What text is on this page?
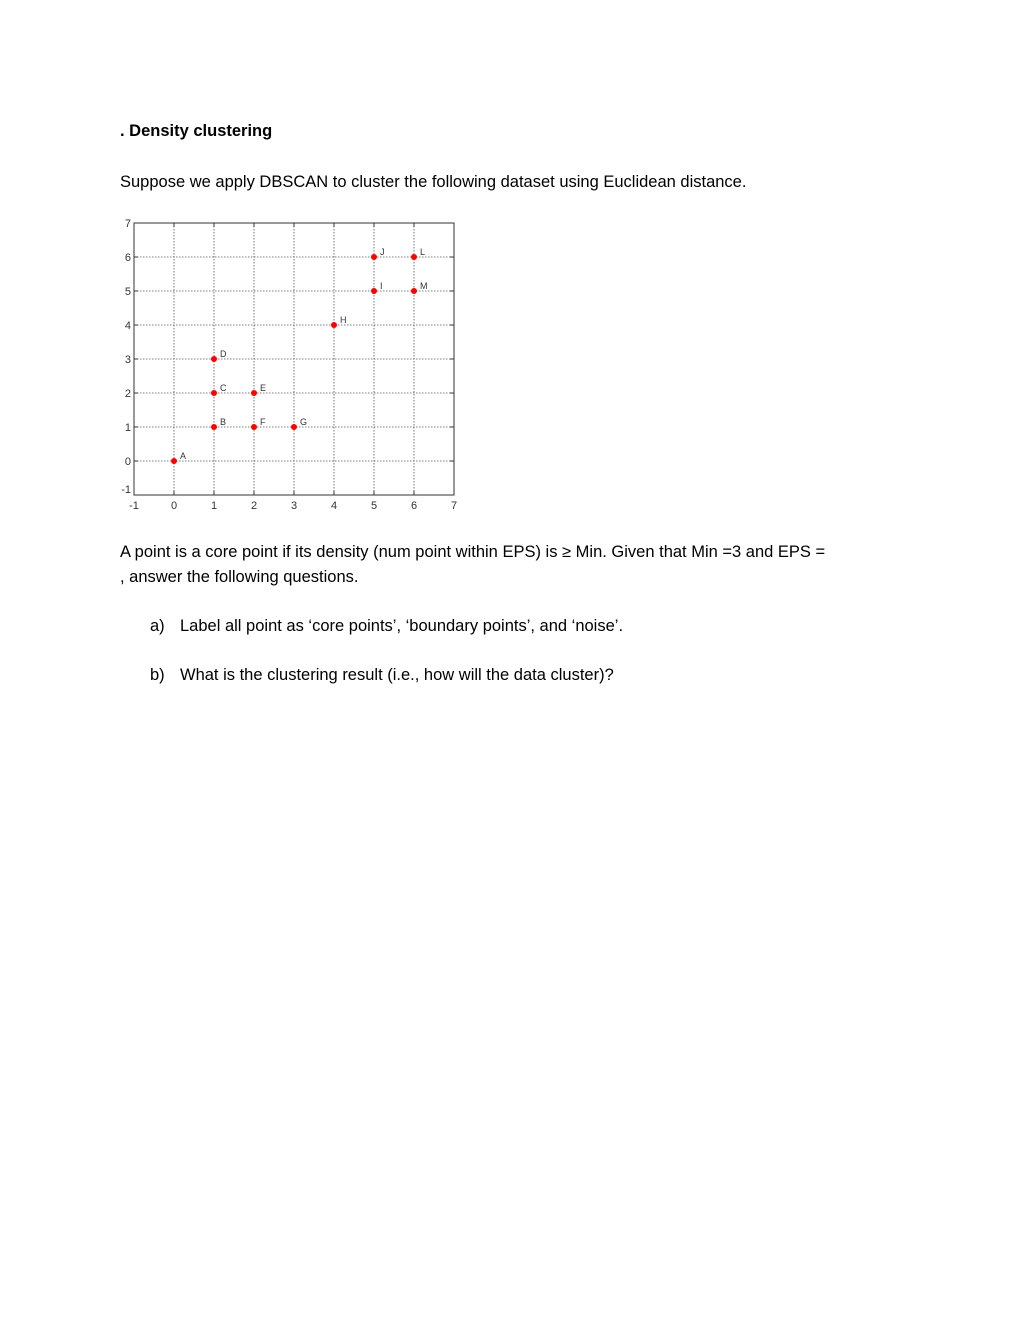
. Density clustering
Suppose we apply DBSCAN to cluster the following dataset using Euclidean distance.
-1	0	1	2	3	4	5	6	7
-1
0
1
2
3
4
5
6
7
A
B
C
D
E
F	G
H
I
J	L
M
A point is a core point if its density (num point within EPS) is ≥ Min. Given that Min =3 and EPS =
, answer the following questions.
a) Label all point as ‘core points’, ‘boundary points’, and ‘noise’.
b) What is the clustering result (i.e., how will the data cluster)?
